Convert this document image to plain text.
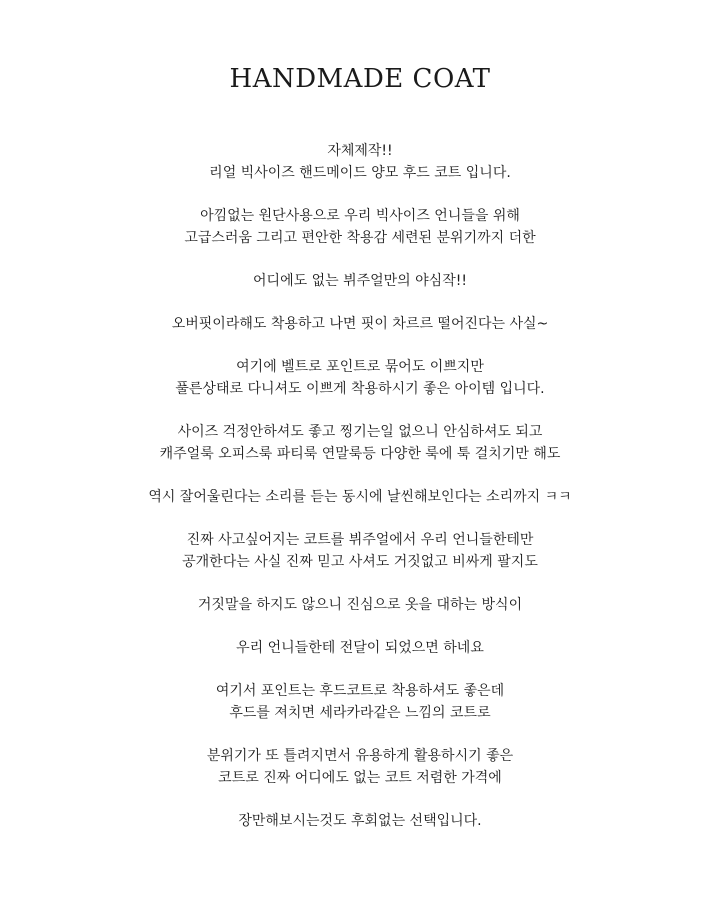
HANDMADE COAT

자체제작!!
리얼 빅사이즈 핸드메이드 양모 후드 코트 입니다.

아낌없는 원단사용으로 우리 빅사이즈 언니들을 위해
고급스러움 그리고 편안한 착용감 세련된 분위기까지 더한

어디에도 없는 뷔주얼만의 야심작!!

오버핏이라해도 착용하고 나면 핏이 차르르 떨어진다는 사실~

여기에 벨트로 포인트로 묶어도 이쁘지만
풀른상태로 다니셔도 이쁘게 착용하시기 좋은 아이템 입니다.

사이즈 걱정안하셔도 좋고 찡기는일 없으니 안심하셔도 되고
캐주얼룩 오피스룩 파티룩 연말룩등 다양한 룩에 툭 걸치기만 해도

역시 잘어울린다는 소리를 듣는 동시에 날씬해보인다는 소리까지 ㅋㅋ

진짜 사고싶어지는 코트를 뷔주얼에서 우리 언니들한테만
공개한다는 사실 진짜 믿고 사셔도 거짓없고 비싸게 팔지도

거짓말을 하지도 않으니 진심으로 옷을 대하는 방식이

우리 언니들한테 전달이 되었으면 하네요

여기서 포인트는 후드코트로 착용하셔도 좋은데
후드를 져치면 세라카라같은 느낌의 코트로

분위기가 또 틀려지면서 유용하게 활용하시기 좋은
코트로 진짜 어디에도 없는 코트 저렴한 가격에

장만해보시는것도 후회없는 선택입니다.
